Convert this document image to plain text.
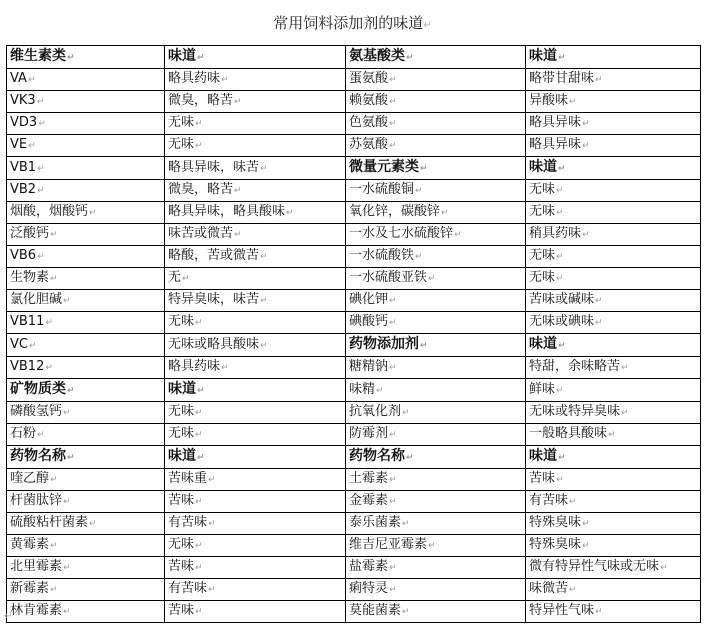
常用饲料添加剂的味道↵
维生素类↵	味道↵	氨基酸类↵	味道↵
VA↵	略具药味↵	蛋氨酸↵	略带甘甜味↵
VK3↵	微臭，略苦↵	赖氨酸↵	异酸味↵
VD3↵	无味↵	色氨酸↵	略具异味↵
VE↵	无味↵	苏氨酸↵	略具异味↵
VB1↵	略具异味，味苦↵	微量元素类↵	味道↵
VB2↵	微臭，略苦↵	一水硫酸铜↵	无味↵
烟酸，烟酸钙↵	略具异味，略具酸味↵	氧化锌，碳酸锌↵	无味↵
泛酸钙↵	味苦或微苦↵	一水及七水硫酸锌↵	稍具药味↵
VB6↵	略酸，苦或微苦↵	一水硫酸铁↵	无味↵
生物素↵	无↵	一水硫酸亚铁↵	无味↵
氯化胆碱↵	特异臭味，味苦↵	碘化钾↵	苦味或碱味↵
VB11↵	无味↵	碘酸钙↵	无味或碘味↵
VC↵	无味或略具酸味↵	药物添加剂↵	味道↵
VB12↵	略具药味↵	糖精钠↵	特甜，余味略苦↵
矿物质类↵	味道↵	味精↵	鲜味↵
磷酸氢钙↵	无味↵	抗氧化剂↵	无味或特异臭味↵
石粉↵	无味↵	防霉剂↵	一般略具酸味↵
药物名称↵	味道↵	药物名称↵	味道↵
喹乙醇↵	苦味重↵	土霉素↵	苦味↵
杆菌肽锌↵	苦味↵	金霉素↵	有苦味↵
硫酸粘杆菌素↵	有苦味↵	泰乐菌素↵	特殊臭味↵
黄霉素↵	无味↵	维吉尼亚霉素↵	特殊臭味↵
北里霉素↵	苦味↵	盐霉素↵	微有特异性气味或无味↵
新霉素↵	有苦味↵	痢特灵↵	味微苦↵
林肯霉素↵	苦味↵	莫能菌素↵	特异性气味↵
↵
